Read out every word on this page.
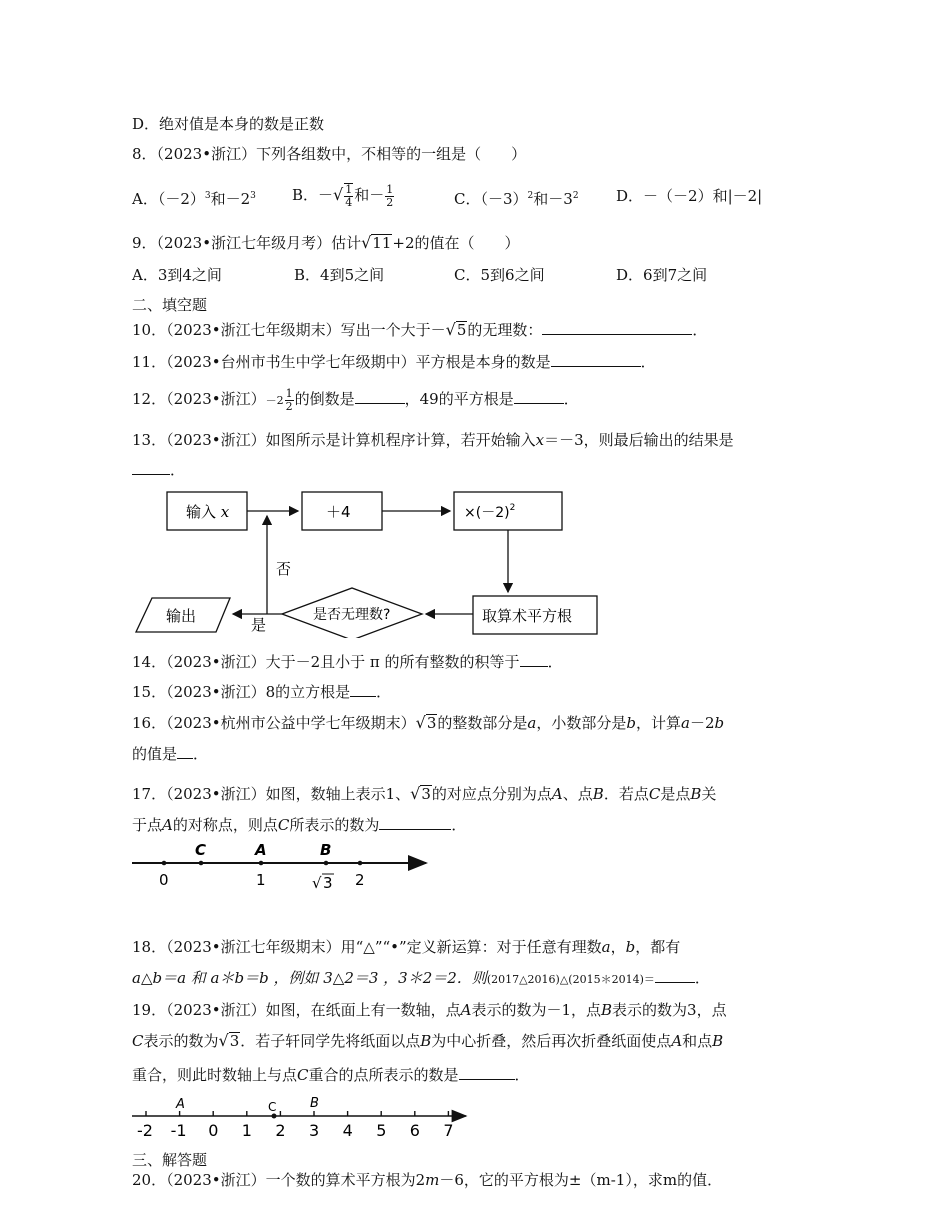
D．绝对值是本身的数是正数
8．（2023•浙江）下列各组数中，不相等的一组是（　　）
A．$(-2)^3$和$-2^3$ B．－√ $\frac{1}{4}$ 和－ $\frac{1}{2}$	C．$(-3)^2$和$-3^2$ D．－（－2）和|－2|
9．（2023•浙江七年级月考）估计√11+2的值在（　　）
A．3到4之间	B．4到5之间	C．5到6之间	D．6到7之间
二、填空题
10．（2023•浙江七年级期末）写出一个大于－√5的无理数：	．
11．（2023•台州市书生中学七年级期中）平方根是本身的数是	．
12．（2023•浙江）$-2 \frac{1}{2}$ 的倒数是	，49的平方根是	．
13．（2023•浙江）如图所示是计算机程序计算，若开始输入x＝－3，则最后输出的结果是
．
输入 x	＋4	$\times(-2)^2$
取算术平方根
是否无理数?
否
是
输出
14．（2023•浙江）大于－2且小于 π 的所有整数的积等于 ．
15．（2023•浙江）8的立方根是 ．
16．（2023•杭州市公益中学七年级期末）√3的整数部分是a，小数部分是b，计算a－2b
的值是 ．
17．（2023•浙江）如图，数轴上表示1、√3的对应点分别为点A、点B．若点C是点B关
于点A的对称点，则点C所表示的数为	．
C	A	B
0	1	√ 3 2
18．（2023•浙江七年级期末）用“△”“•”定义新运算：对于任意有理数a，b，都有
a△b＝a 和 a＊b＝b ，例如 3△2＝3 ，3＊2＝2．则(2017△2016)△(2015＊2014)＝	．
19．（2023•浙江）如图，在纸面上有一数轴，点A表示的数为－1，点B表示的数为3，点
C表示的数为√3．若子轩同学先将纸面以点B为中心折叠，然后再次折叠纸面使点A和点B
重合，则此时数轴上与点C重合的点所表示的数是	．
-2 -1 0 1 2 3 4 5 6 7
A	C	B
三、解答题
20．（2023•浙江）一个数的算术平方根为2m－6，它的平方根为±（m-1），求m的值．
